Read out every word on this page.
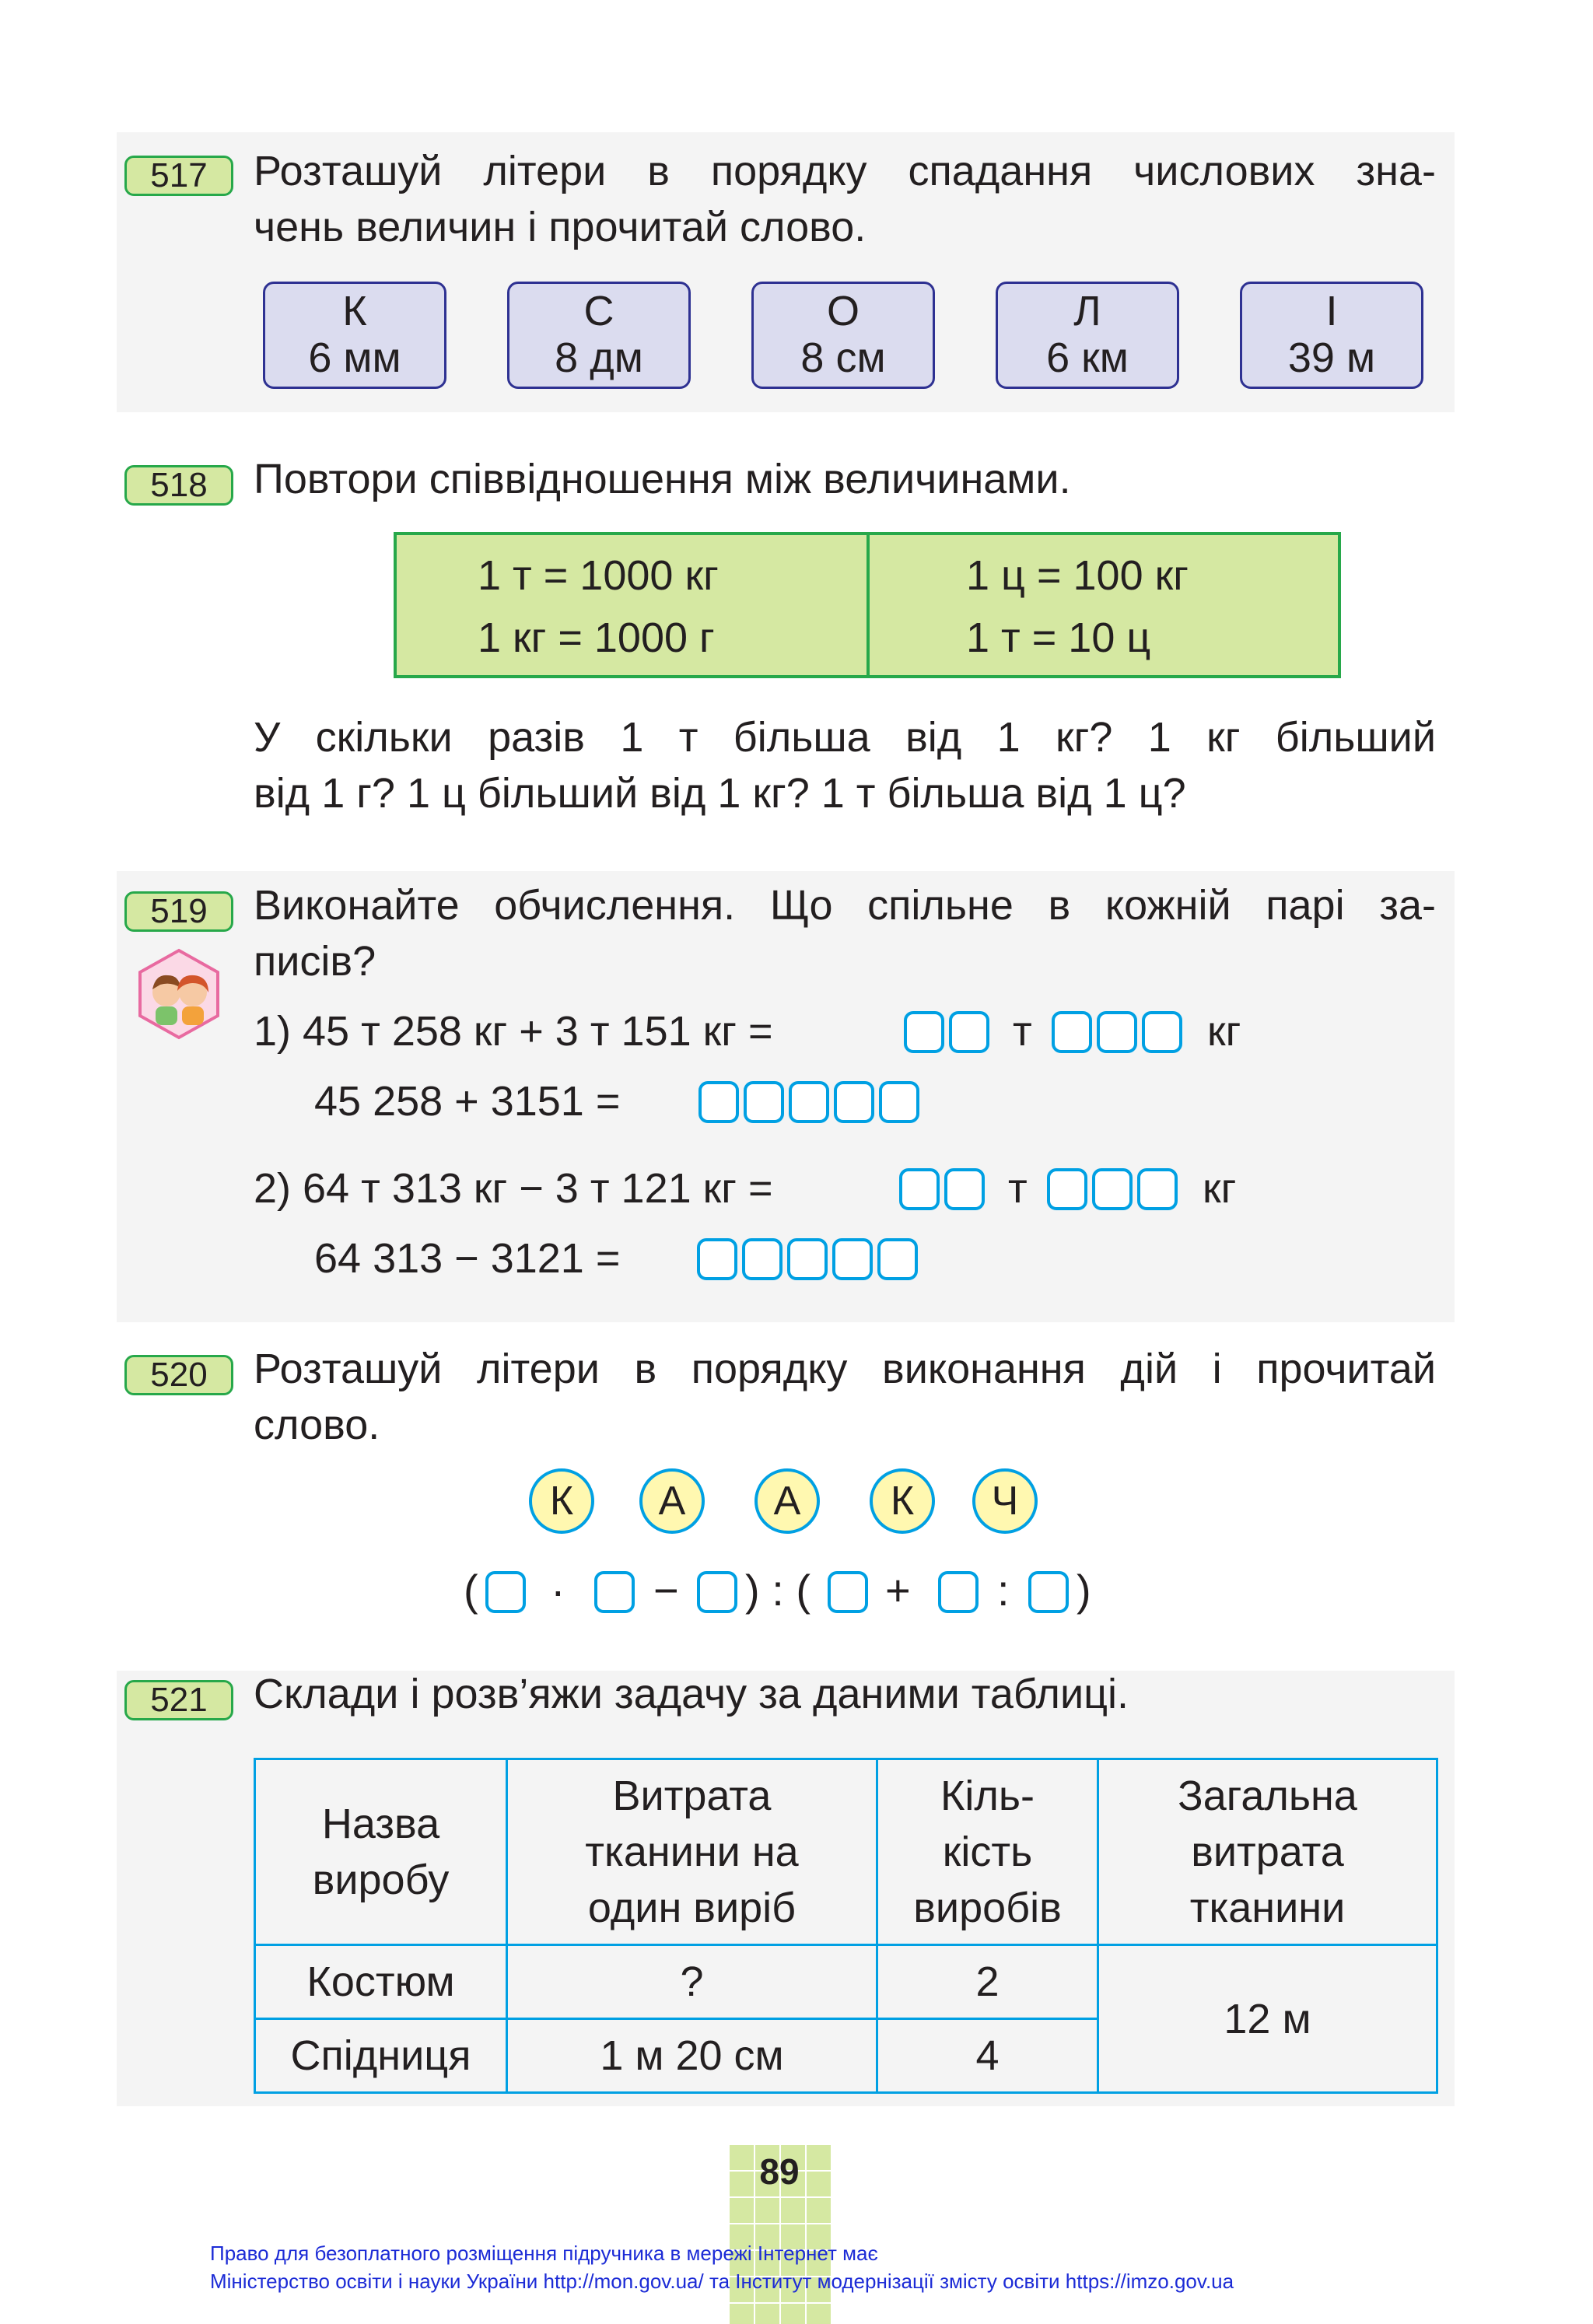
517	Розташуй літери в порядку спадання числових зна-

чень величин і прочитай слово.

К
6 мм
С
8 дм
О
8 см
Л
6 км
І
39 м
518	Повтори співвідношення між величинами.

1 т = 1000 кг
1 кг = 1000 г
1 ц = 100 кг
1 т = 10 ц

У скільки разів 1 т більша від 1 кг? 1 кг більший

від 1 г? 1 ц більший від 1 кг? 1 т більша від 1 ц?

519	Виконайте обчислення. Що спільне в кожній парі за-

писів?

1) 45 т 258 кг + 3 т 151 кг =	т	кг

45 258 + 3151 =

2) 64 т 313 кг − 3 т 121 кг =	т	кг

64 313 − 3121 =

520	Розташуй літери в порядку виконання дій і прочитай

слово.

К	А	А	К	Ч
( · − ) : ( + : )
521	Склади і розв’яжи задачу за даними таблиці.

Назва
виробу	Витрата
тканини на
один виріб	Кіль-
кість
виробів	Загальна
витрата
тканини
Костюм	?	2	12 м
Спідниця	1 м 20 см	4	
89

Право для безоплатного розміщення підручника в мережі Інтернет має

Міністерство освіти і науки України http://mon.gov.ua/ та Інститут модернізації змісту освіти https://imzo.gov.ua
